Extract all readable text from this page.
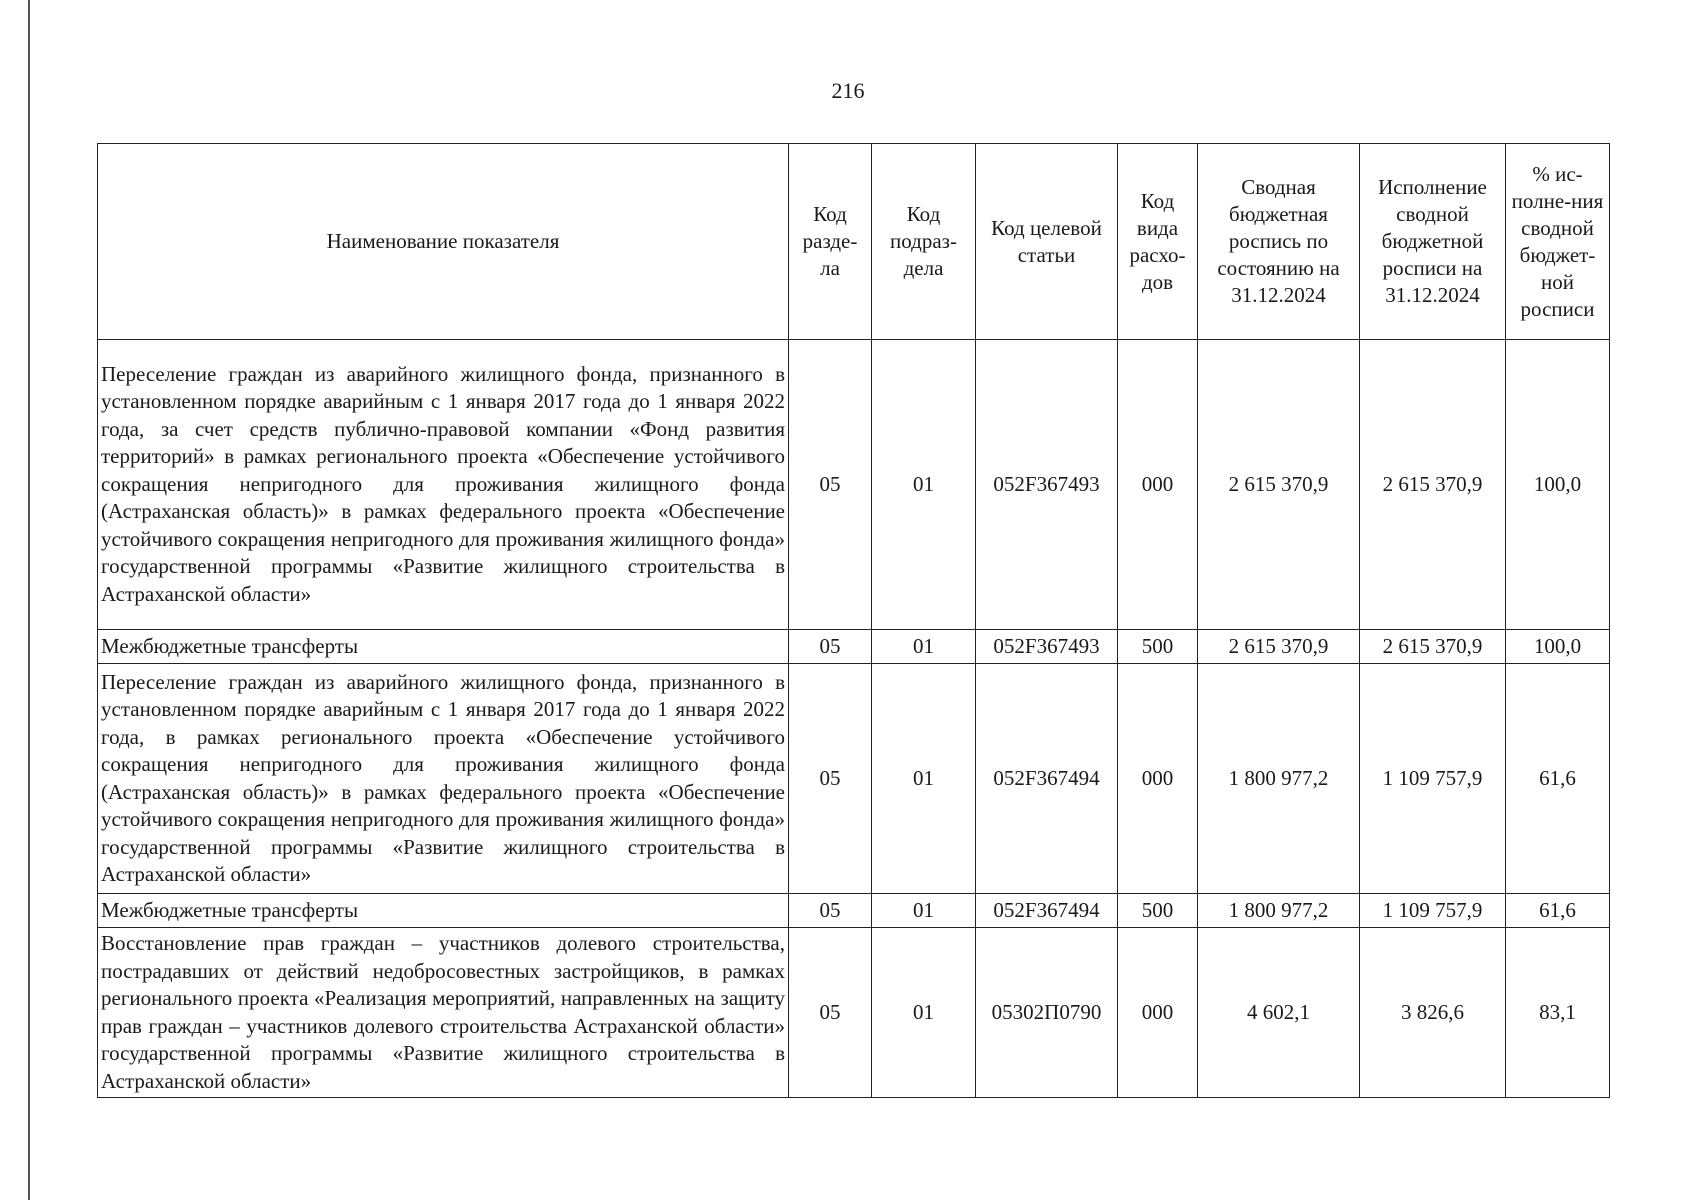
216
Наименование показателя	Код разде-ла	Код подраз-дела	Код целевой статьи	Код вида расхо-дов	Сводная бюджетная роспись по состоянию на 31.12.2024	Исполнение сводной бюджетной росписи на 31.12.2024	% ис-полне-ния сводной бюджет-ной росписи
Переселение граждан из аварийного жилищного фонда, признанного в установленном порядке аварийным с 1 января 2017 года до 1 января 2022 года, за счет средств публично-правовой компании «Фонд развития территорий» в рамках регионального проекта «Обеспечение устойчивого сокращения непригодного для проживания жилищного фонда (Астраханская область)» в рамках федерального проекта «Обеспечение устойчивого сокращения непригодного для проживания жилищного фонда» государственной программы «Развитие жилищного строительства в Астраханской области»	05	01	052F367493	000	2 615 370,9	2 615 370,9	100,0
Межбюджетные трансферты	05	01	052F367493	500	2 615 370,9	2 615 370,9	100,0
Переселение граждан из аварийного жилищного фонда, признанного в установленном порядке аварийным с 1 января 2017 года до 1 января 2022 года, в рамках регионального проекта «Обеспечение устойчивого сокращения непригодного для проживания жилищного фонда (Астраханская область)» в рамках федерального проекта «Обеспечение устойчивого сокращения непригодного для проживания жилищного фонда» государственной программы «Развитие жилищного строительства в Астраханской области»	05	01	052F367494	000	1 800 977,2	1 109 757,9	61,6
Межбюджетные трансферты	05	01	052F367494	500	1 800 977,2	1 109 757,9	61,6
Восстановление прав граждан – участников долевого строительства, пострадавших от действий недобросовестных застройщиков, в рамках регионального проекта «Реализация мероприятий, направленных на защиту прав граждан – участников долевого строительства Астраханской области» государственной программы «Развитие жилищного строительства в Астраханской области»	05	01	05302П0790	000	4 602,1	3 826,6	83,1
